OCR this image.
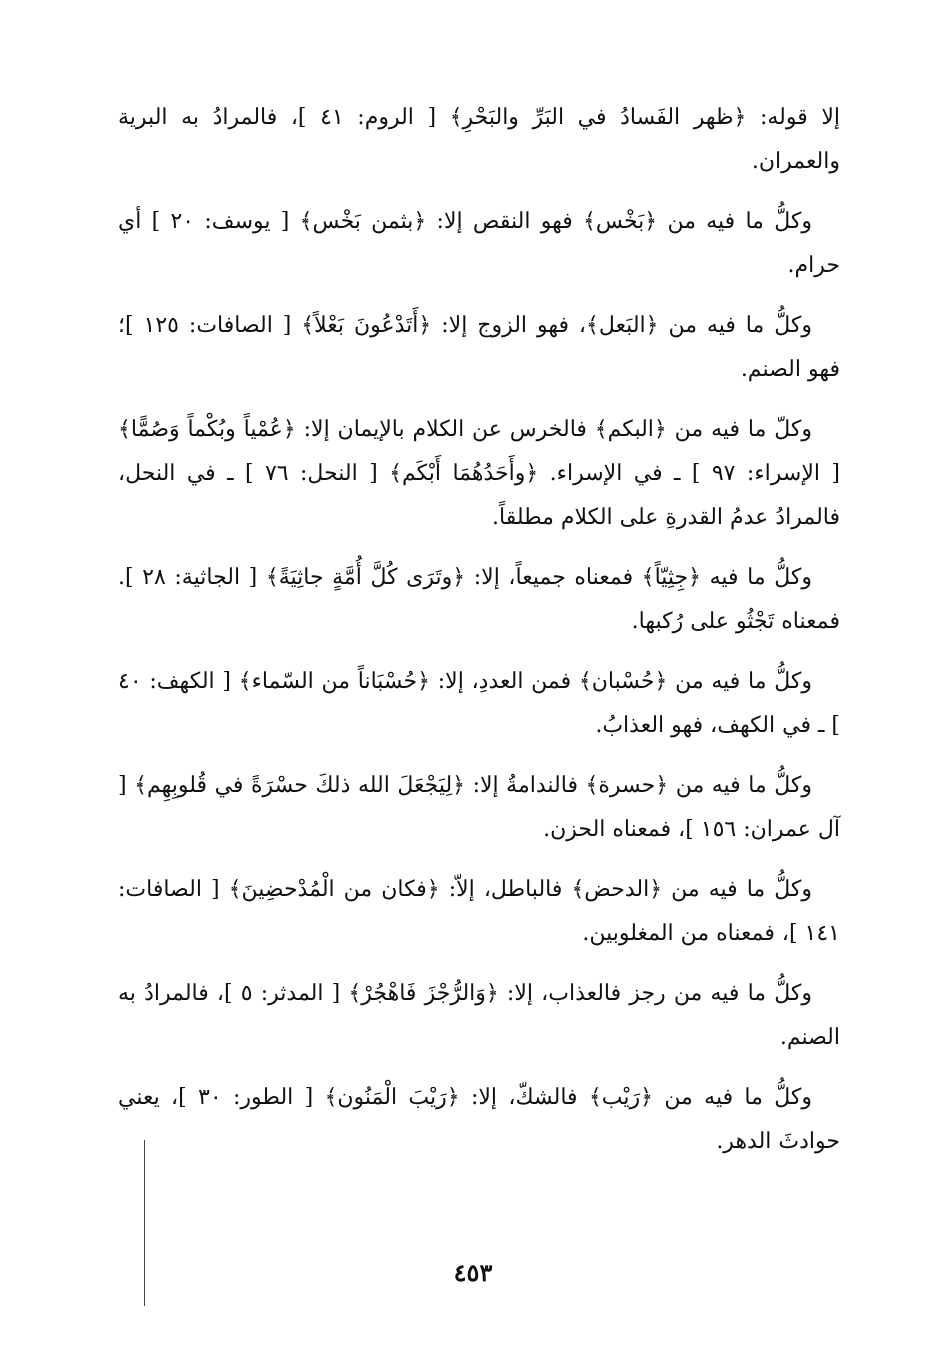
إلا قوله: ﴿ظهر الفَسادُ في البَرِّ والبَحْرِ﴾ [ الروم: ٤١ ]، فالمرادُ به البرية والعمران.

وكلُّ ما فيه من ﴿بَخْس﴾ فهو النقص إلا: ﴿بثمن بَخْس﴾ [ يوسف: ٢٠ ] أي حرام.

وكلُّ ما فيه من ﴿البَعل﴾، فهو الزوج إلا: ﴿أَتَدْعُونَ بَعْلاً﴾ [ الصافات: ١٢٥ ]؛ فهو الصنم.

وكلّ ما فيه من ﴿البكم﴾ فالخرس عن الكلام بالإيمان إلا: ﴿عُمْياً وبُكْماً وَصُمًّا﴾ [ الإسراء: ٩٧ ] ـ في الإسراء. ﴿وأَحَدُهُمَا أَبْكَم﴾ [ النحل: ٧٦ ] ـ في النحل، فالمرادُ عدمُ القدرةِ على الكلام مطلقاً.

وكلُّ ما فيه ﴿جِثِيّاً﴾ فمعناه جميعاً، إلا: ﴿وتَرَى كُلَّ أُمَّةٍ جاثِيَةً﴾ [ الجاثية: ٢٨ ]. فمعناه تَجْثُو على رُكبها.

وكلُّ ما فيه من ﴿حُسْبان﴾ فمن العددِ، إلا: ﴿حُسْبَاناً من السّماء﴾ [ الكهف: ٤٠ ] ـ في الكهف، فهو العذابُ.

وكلُّ ما فيه من ﴿حسرة﴾ فالندامةُ إلا: ﴿لِيَجْعَلَ الله ذلكَ حسْرَةً في قُلوبِهِم﴾ [ آل عمران: ١٥٦ ]، فمعناه الحزن.

وكلُّ ما فيه من ﴿الدحض﴾ فالباطل، إلاّ: ﴿فكان من الْمُدْحضِينَ﴾ [ الصافات: ١٤١ ]، فمعناه من المغلوبين.

وكلُّ ما فيه من رجز فالعذاب، إلا: ﴿وَالرُّجْزَ فَاهْجُرْ﴾ [ المدثر: ٥ ]، فالمرادُ به الصنم.

وكلُّ ما فيه من ﴿رَيْب﴾ فالشكّ، إلا: ﴿رَيْبَ الْمَنُون﴾ [ الطور: ٣٠ ]، يعني حوادثَ الدهر.

٤٥٣
